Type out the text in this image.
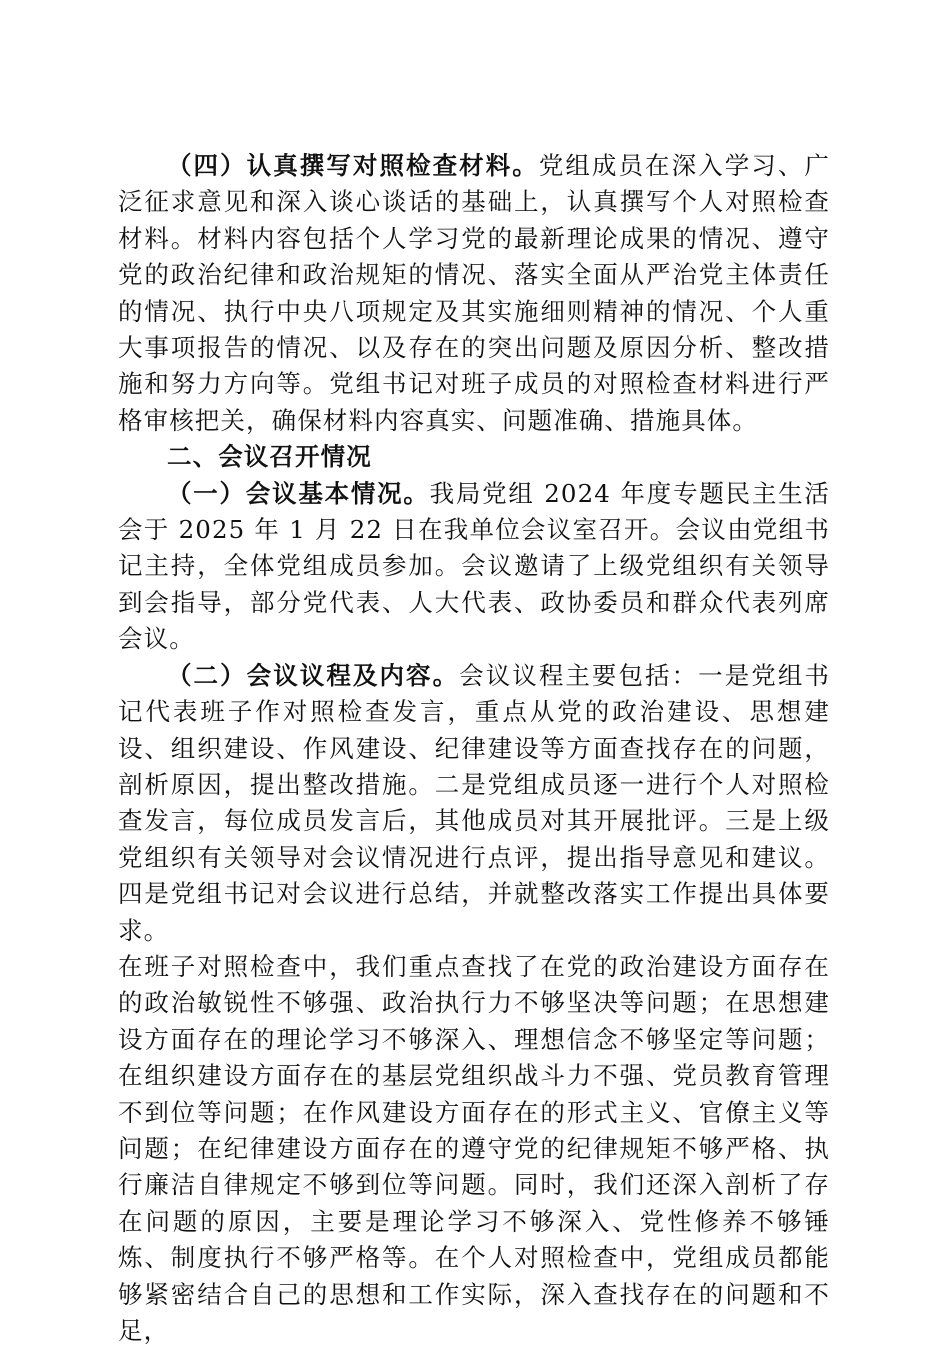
（四）认真撰写对照检查材料。党组成员在深入学习、广泛征求意见和深入谈心谈话的基础上，认真撰写个人对照检查材料。材料内容包括个人学习党的最新理论成果的情况、遵守党的政治纪律和政治规矩的情况、落实全面从严治党主体责任的情况、执行中央八项规定及其实施细则精神的情况、个人重大事项报告的情况、以及存在的突出问题及原因分析、整改措施和努力方向等。党组书记对班子成员的对照检查材料进行严格审核把关，确保材料内容真实、问题准确、措施具体。

二、会议召开情况

（一）会议基本情况。我局党组 2024 年度专题民主生活会于 2025 年 1 月 22 日在我单位会议室召开。会议由党组书记主持，全体党组成员参加。会议邀请了上级党组织有关领导到会指导，部分党代表、人大代表、政协委员和群众代表列席会议。

（二）会议议程及内容。会议议程主要包括：一是党组书记代表班子作对照检查发言，重点从党的政治建设、思想建设、组织建设、作风建设、纪律建设等方面查找存在的问题，剖析原因，提出整改措施。二是党组成员逐一进行个人对照检查发言，每位成员发言后，其他成员对其开展批评。三是上级党组织有关领导对会议情况进行点评，提出指导意见和建议。四是党组书记对会议进行总结，并就整改落实工作提出具体要求。

在班子对照检查中，我们重点查找了在党的政治建设方面存在的政治敏锐性不够强、政治执行力不够坚决等问题；在思想建设方面存在的理论学习不够深入、理想信念不够坚定等问题；在组织建设方面存在的基层党组织战斗力不强、党员教育管理不到位等问题；在作风建设方面存在的形式主义、官僚主义等问题；在纪律建设方面存在的遵守党的纪律规矩不够严格、执行廉洁自律规定不够到位等问题。同时，我们还深入剖析了存在问题的原因，主要是理论学习不够深入、党性修养不够锤炼、制度执行不够严格等。在个人对照检查中，党组成员都能够紧密结合自己的思想和工作实际，深入查找存在的问题和不足，
